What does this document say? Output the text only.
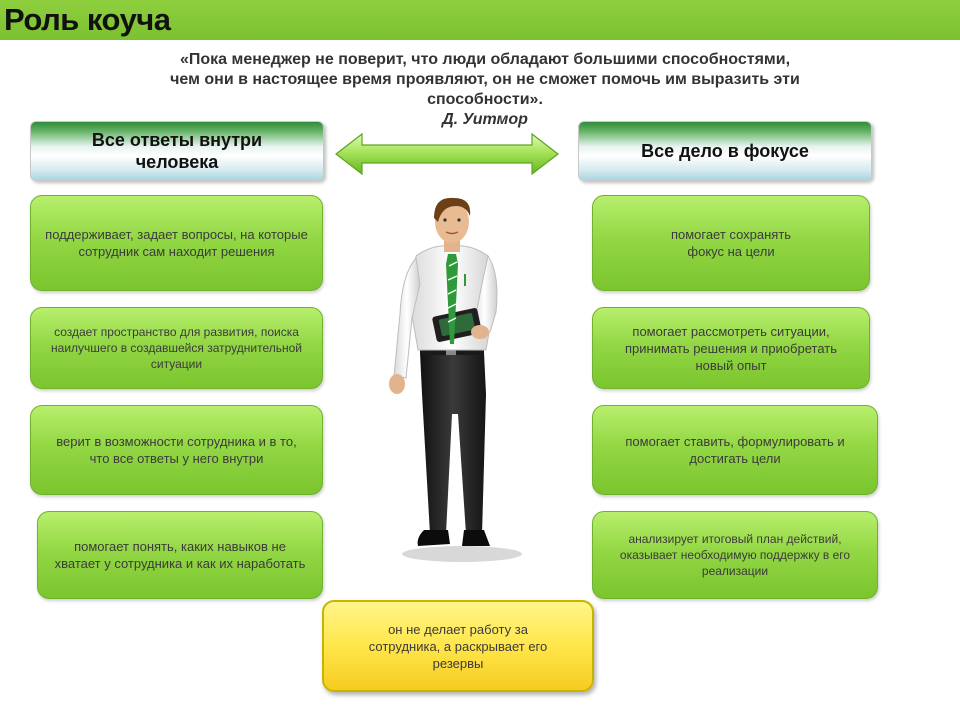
Роль коуча
«Пока менеджер не поверит, что люди обладают большими способностями, чем они в настоящее время проявляют, он не сможет помочь им выразить эти способности».
Д. Уитмор
Все ответы внутри человека
Все дело в фокусе
поддерживает, задает вопросы, на которые сотрудник сам находит решения
создает пространство для развития, поиска наилучшего в создавшейся затруднительной ситуации
верит в возможности сотрудника и в то, что все ответы у него внутри
помогает понять, каких навыков не хватает у сотрудника и как их наработать
помогает сохранять фокус на цели
помогает рассмотреть ситуации, принимать решения и приобретать новый опыт
помогает ставить, формулировать и достигать цели
анализирует итоговый план действий, оказывает необходимую поддержку в его реализации
он не делает работу за сотрудника, а раскрывает его резервы
